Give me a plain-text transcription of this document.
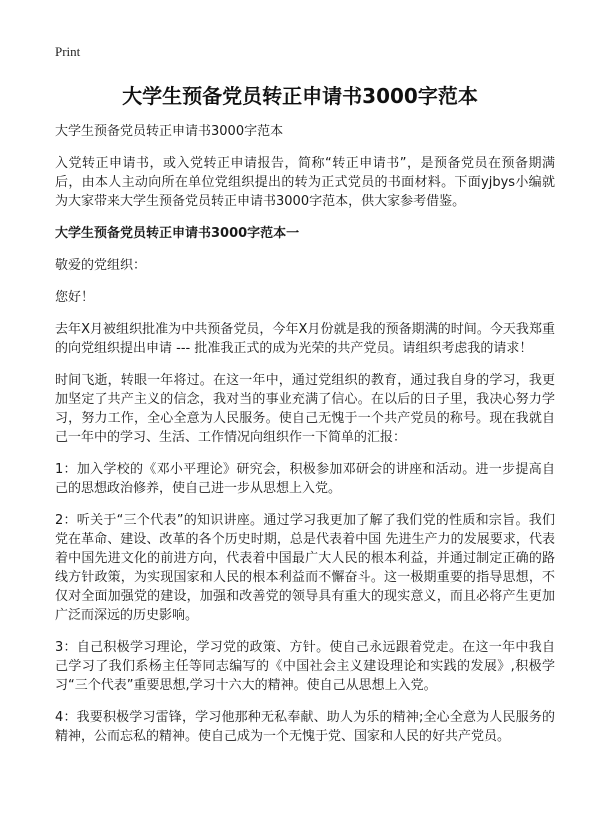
Print
大学生预备党员转正申请书3000字范本

大学生预备党员转正申请书3000字范本

入党转正申请书，或入党转正申请报告，简称“转正申请书”，是预备党员在预备期满后，由本人主动向所在单位党组织提出的转为正式党员的书面材料。下面yjbys小编就为大家带来大学生预备党员转正申请书3000字范本，供大家参考借鉴。

大学生预备党员转正申请书3000字范本一

敬爱的党组织：

您好！

去年X月被组织批准为中共预备党员，今年X月份就是我的预备期满的时间。今天我郑重的向党组织提出申请 --- 批准我正式的成为光荣的共产党员。请组织考虑我的请求！

时间飞逝，转眼一年将过。在这一年中，通过党组织的教育，通过我自身的学习，我更加坚定了共产主义的信念，我对当的事业充满了信心。在以后的日子里，我决心努力学习，努力工作，全心全意为人民服务。使自己无愧于一个共产党员的称号。现在我就自己一年中的学习、生活、工作情况向组织作一下简单的汇报：

1：加入学校的《邓小平理论》研究会，积极参加邓研会的讲座和活动。进一步提高自己的思想政治修养，使自己进一步从思想上入党。

2：听关于“三个代表”的知识讲座。通过学习我更加了解了我们党的性质和宗旨。我们党在革命、建设、改革的各个历史时期，总是代表着中国 先进生产力的发展要求，代表着中国先进文化的前进方向，代表着中国最广大人民的根本利益，并通过制定正确的路线方针政策，为实现国家和人民的根本利益而不懈奋斗。这一极期重要的指导思想，不仅对全面加强党的建设，加强和改善党的领导具有重大的现实意义，而且必将产生更加广泛而深远的历史影响。

3：自己积极学习理论，学习党的政策、方针。使自己永远跟着党走。在这一年中我自己学习了我们系杨主任等同志编写的《中国社会主义建设理论和实践的发展》,积极学习“三个代表”重要思想,学习十六大的精神。使自己从思想上入党。

4：我要积极学习雷锋，学习他那种无私奉献、助人为乐的精神;全心全意为人民服务的精神，公而忘私的精神。使自己成为一个无愧于党、国家和人民的好共产党员。
